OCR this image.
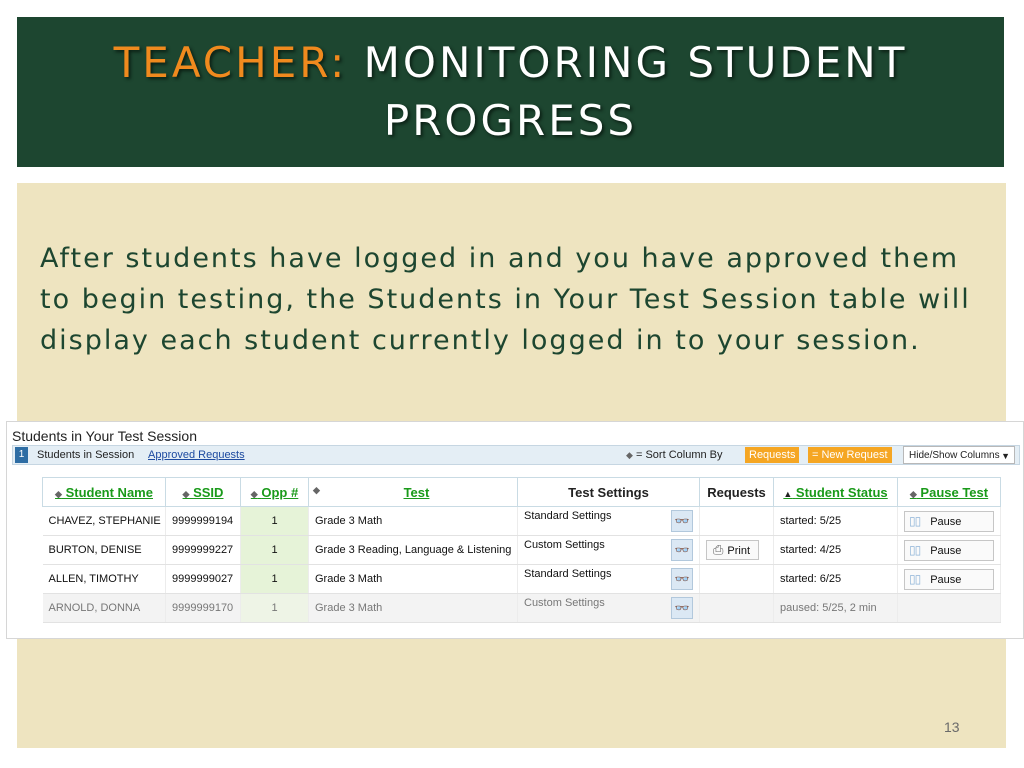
TEACHER: MONITORING STUDENT
PROGRESS
After students have logged in and you have approved them to begin testing, the Students in Your Test Session table will display each student currently logged in to your session.
13
Students in Your Test Session
1	Students in Session Approved Requests	◆ = Sort Column By	Requests	= New Request	Hide/Show Columns ▼
◆ Student Name	◆ SSID	◆ Opp #	◆ Test	Test Settings	Requests	▲ Student Status	◆ Pause Test
CHAVEZ, STEPHANIE	9999999194	1	Grade 3 Math	Standard Settings 👓		started: 5/25	▯▯ Pause
BURTON, DENISE	9999999227	1	Grade 3 Reading, Language & Listening	Custom Settings 👓	⎙ Print	started: 4/25	▯▯ Pause
ALLEN, TIMOTHY	9999999027	1	Grade 3 Math	Standard Settings 👓		started: 6/25	▯▯ Pause
ARNOLD, DONNA	9999999170	1	Grade 3 Math	Custom Settings 👓		paused: 5/25, 2 min	
